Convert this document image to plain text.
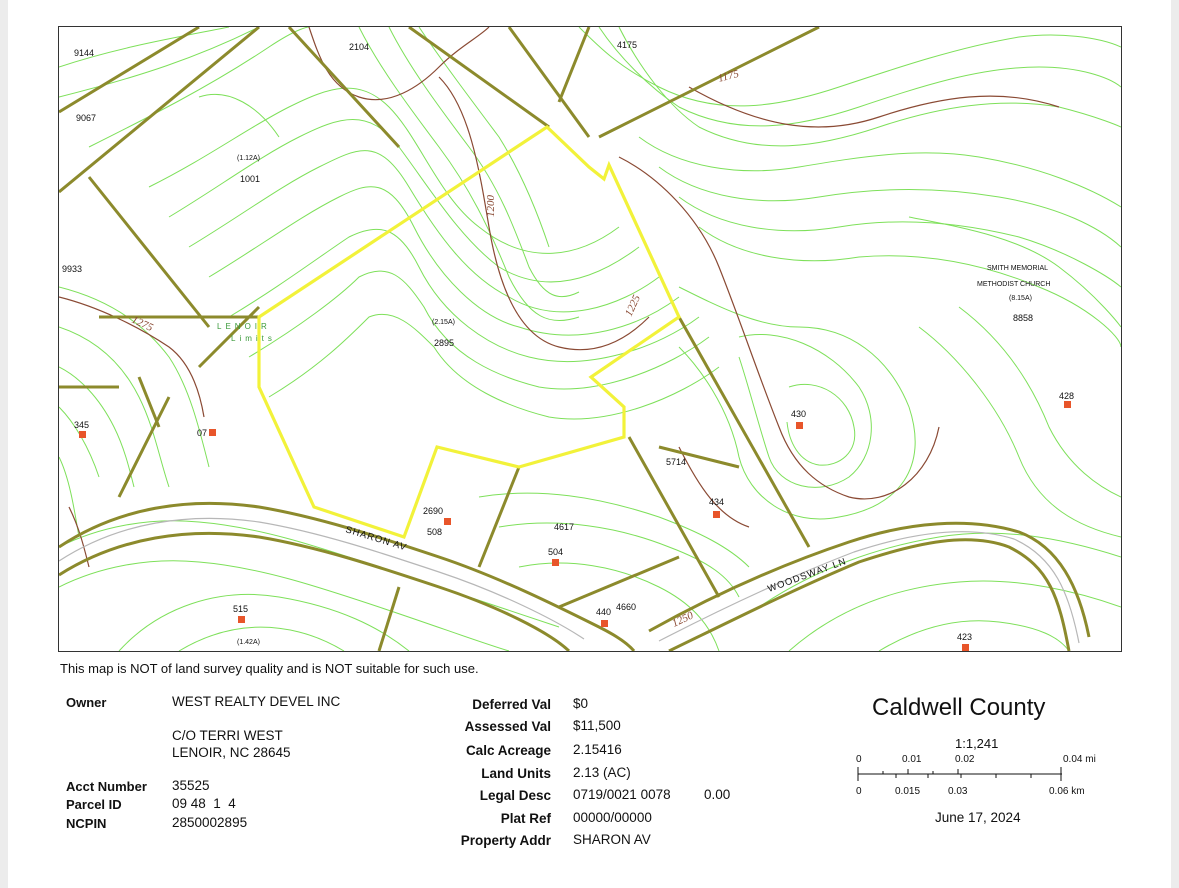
9144
2104	4175
9067
1001
9933
2895
8858
345
07
430
428
5714
434
2690
508	4617
504
515	440 4660
423
(1.12A)
(2.15A)
(8.15A)
(1.42A)
1200
1225
1175
1275
1250
SHARON AV
WOODSWAY LN
SMITH MEMORIAL
METHODIST CHURCH
LENOIR
Limits
This map is NOT of land survey quality and is NOT suitable for such use.
Owner	WEST REALTY DEVEL INC
C/O TERRI WEST
LENOIR, NC 28645
Acct Number 35525
Parcel ID	09 48  1  4
NCPIN	2850002895
Deferred Val $0
Assessed Val $11,500
Calc Acreage 2.15416
Land Units 2.13 (AC)
Legal Desc 0719/0021 0078 0.00
Plat Ref 00000/00000
Property Addr SHARON AV
Caldwell County
1:1,241
0	0.01	0.02	0.04 mi
0	0.015	0.03	0.06 km
June 17, 2024
